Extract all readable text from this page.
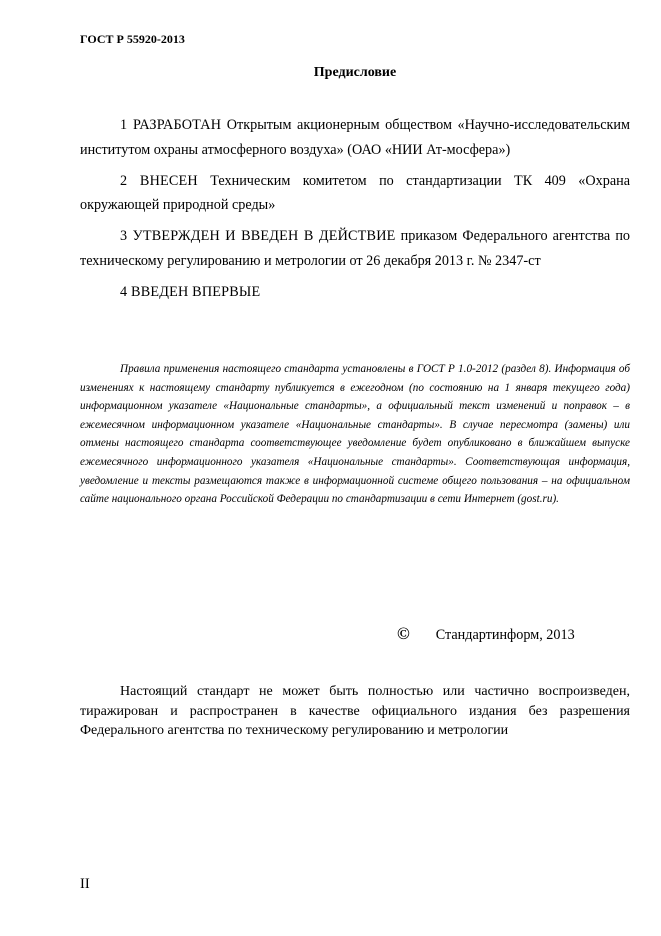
ГОСТ Р 55920-2013
Предисловие

1 РАЗРАБОТАН Открытым акционерным обществом «Научно-исследовательским институтом охраны атмосферного воздуха» (ОАО «НИИ Ат-мосфера»)

2 ВНЕСЕН Техническим комитетом по стандартизации ТК 409 «Охрана окружающей природной среды»

3 УТВЕРЖДЕН И ВВЕДЕН В ДЕЙСТВИЕ приказом Федерального агентства по техническому регулированию и метрологии от 26 декабря 2013 г. № 2347-ст

4 ВВЕДЕН ВПЕРВЫЕ

Правила применения настоящего стандарта установлены в ГОСТ Р 1.0-2012 (раздел 8). Информация об изменениях к настоящему стандарту публикуется в ежегодном (по состоянию на 1 января текущего года) информационном указателе «Национальные стандарты», а официальный текст изменений и поправок – в ежемесячном информационном указателе «Национальные стандарты». В случае пересмотра (замены) или отмены настоящего стандарта соответствующее уведомление будет опубликовано в ближайшем выпуске ежемесячного информационного указателя «Национальные стандарты». Соответствующая информация, уведомление и тексты размещаются также в информационной системе общего пользования – на официальном сайте национального органа Российской Федерации по стандартизации в сети Интернет (gost.ru).

© Стандартинформ, 2013

Настоящий стандарт не может быть полностью или частично воспроизведен, тиражирован и распространен в качестве официального издания без разрешения Федерального агентства по техническому регулированию и метрологии

II
